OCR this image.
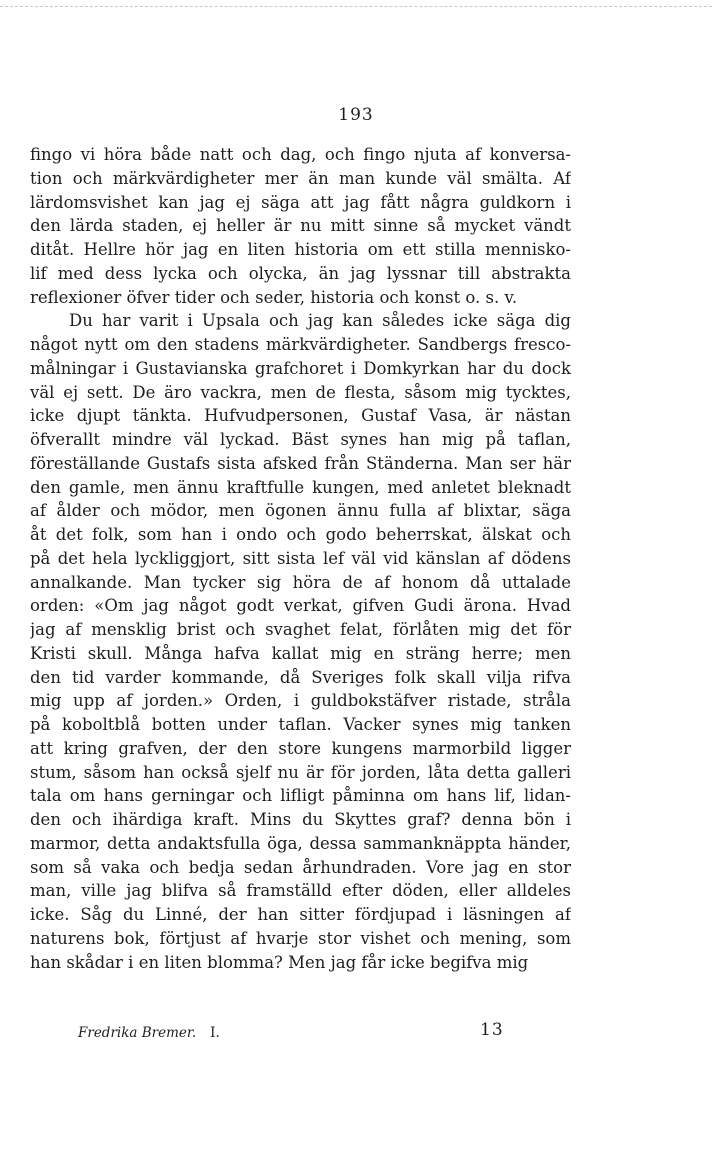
193
fingo vi höra både natt och dag, och fingo njuta af konversa-
tion och märkvärdigheter mer än man kunde väl smälta. Af
lärdomsvishet kan jag ej säga att jag fått några guldkorn i
den lärda staden, ej heller är nu mitt sinne så mycket vändt
ditåt. Hellre hör jag en liten historia om ett stilla mennisko-
lif med dess lycka och olycka, än jag lyssnar till abstrakta
reflexioner öfver tider och seder, historia och konst o. s. v.
Du har varit i Upsala och jag kan således icke säga dig
något nytt om den stadens märkvärdigheter. Sandbergs fresco-
målningar i Gustavianska grafchoret i Domkyrkan har du dock
väl ej sett. De äro vackra, men de flesta, såsom mig tycktes,
icke djupt tänkta. Hufvudpersonen, Gustaf Vasa, är nästan
öfverallt mindre väl lyckad. Bäst synes han mig på taflan,
föreställande Gustafs sista afsked från Ständerna. Man ser här
den gamle, men ännu kraftfulle kungen, med anletet bleknadt
af ålder och mödor, men ögonen ännu fulla af blixtar, säga
åt det folk, som han i ondo och godo beherrskat, älskat och
på det hela lyckliggjort, sitt sista lef väl vid känslan af dödens
annalkande. Man tycker sig höra de af honom då uttalade
orden: «Om jag något godt verkat, gifven Gudi ärona. Hvad
jag af mensklig brist och svaghet felat, förlåten mig det för
Kristi skull. Många hafva kallat mig en sträng herre; men
den tid varder kommande, då Sveriges folk skall vilja rifva
mig upp af jorden.» Orden, i guldbokstäfver ristade, stråla
på koboltblå botten under taflan. Vacker synes mig tanken
att kring grafven, der den store kungens marmorbild ligger
stum, såsom han också sjelf nu är för jorden, låta detta galleri
tala om hans gerningar och lifligt påminna om hans lif, lidan-
den och ihärdiga kraft. Mins du Skyttes graf? denna bön i
marmor, detta andaktsfulla öga, dessa sammanknäppta händer,
som så vaka och bedja sedan århundraden. Vore jag en stor
man, ville jag blifva så framställd efter döden, eller alldeles
icke. Såg du Linné, der han sitter fördjupad i läsningen af
naturens bok, förtjust af hvarje stor vishet och mening, som
han skådar i en liten blomma? Men jag får icke begifva mig
Fredrika Bremer. I.	13
